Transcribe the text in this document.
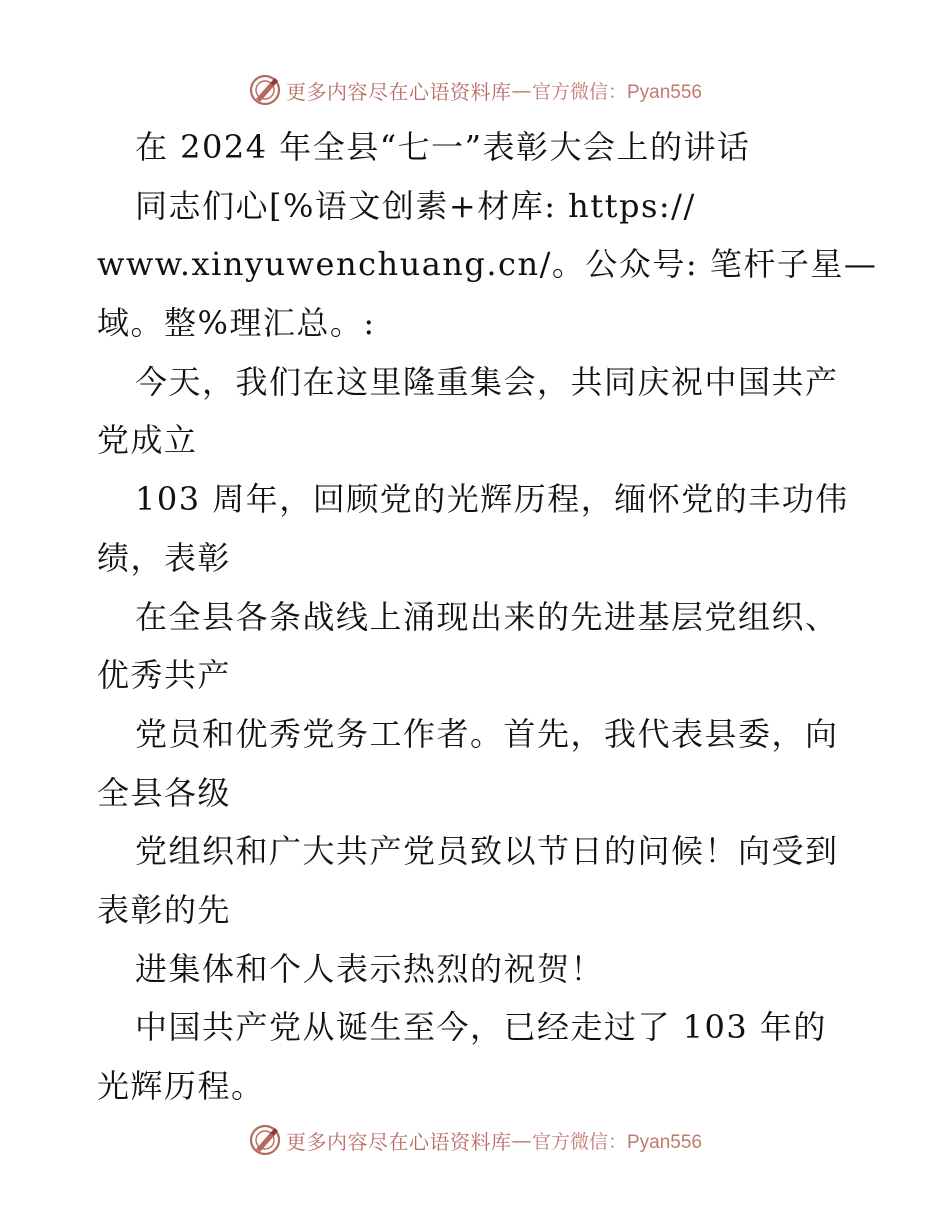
更多内容尽在心语资料库 — 官方微信：Pyan556
在 2024 年全县“七一”表彰大会上的讲话
同志们心[%语文创素+材库: https://
www.xinyuwenchuang.cn/。公众号: 笔杆子星—
域。整%理汇总。:
今天，我们在这里隆重集会，共同庆祝中国共产
党成立
103 周年，回顾党的光辉历程，缅怀党的丰功伟
绩，表彰
在全县各条战线上涌现出来的先进基层党组织、
优秀共产
党员和优秀党务工作者。首先，我代表县委，向
全县各级
党组织和广大共产党员致以节日的问候！向受到
表彰的先
进集体和个人表示热烈的祝贺！
中国共产党从诞生至今，已经走过了 103 年的
光辉历程。
更多内容尽在心语资料库 — 官方微信：Pyan556
